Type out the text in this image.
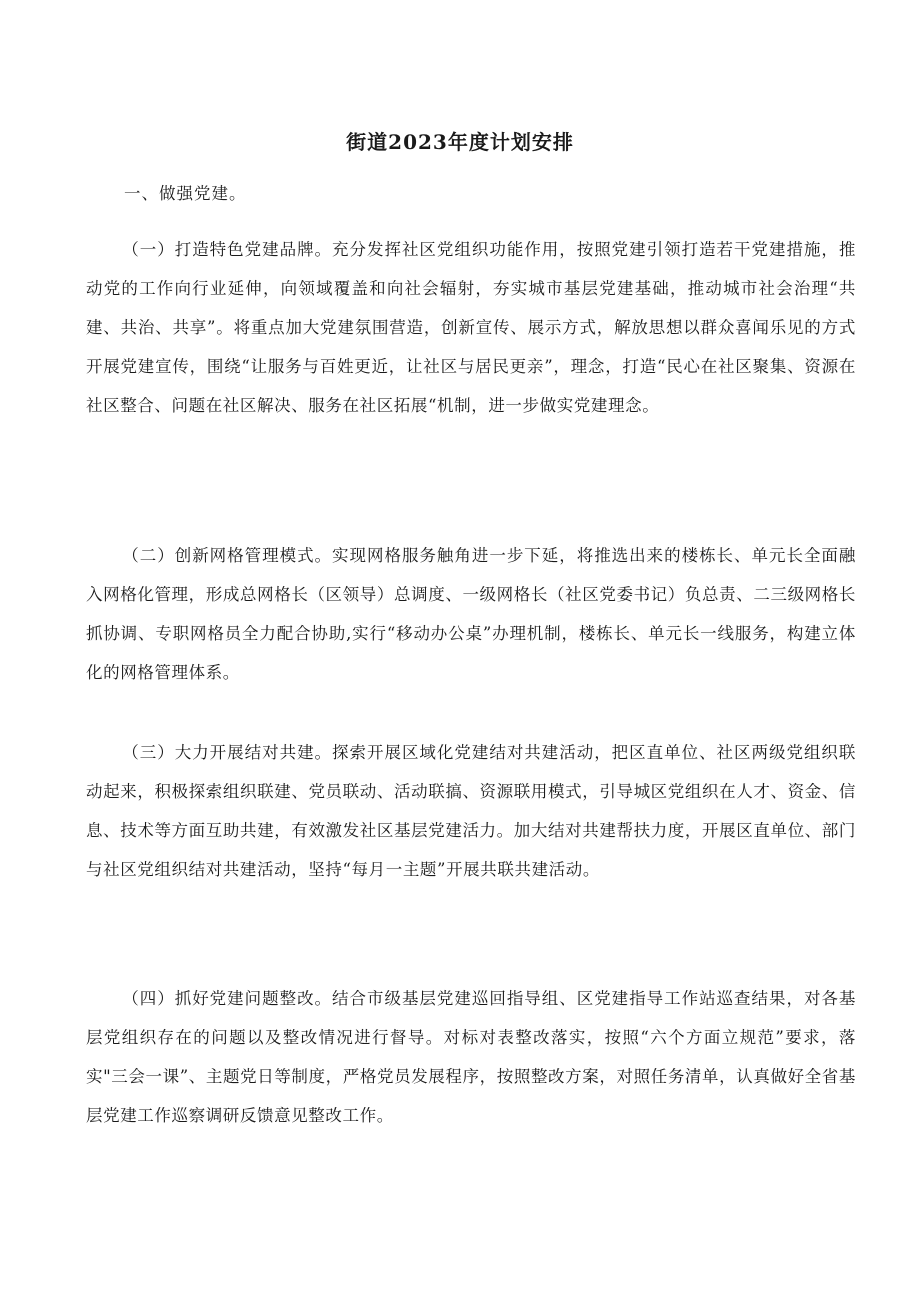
街道2023年度计划安排
一、做强党建。

（一）打造特色党建品牌。充分发挥社区党组织功能作用，按照党建引领打造若干党建措施，推动党的工作向行业延伸，向领域覆盖和向社会辐射，夯实城市基层党建基础，推动城市社会治理“共建、共治、共享”。将重点加大党建氛围营造，创新宣传、展示方式，解放思想以群众喜闻乐见的方式开展党建宣传，围绕“让服务与百姓更近，让社区与居民更亲”，理念，打造“民心在社区聚集、资源在社区整合、问题在社区解决、服务在社区拓展“机制，进一步做实党建理念。

（二）创新网格管理模式。实现网格服务触角进一步下延，将推选出来的楼栋长、单元长全面融入网格化管理，形成总网格长（区领导）总调度、一级网格长（社区党委书记）负总责、二三级网格长抓协调、专职网格员全力配合协助,实行“移动办公桌”办理机制，楼栋长、单元长一线服务，构建立体化的网格管理体系。

（三）大力开展结对共建。探索开展区域化党建结对共建活动，把区直单位、社区两级党组织联动起来，积极探索组织联建、党员联动、活动联搞、资源联用模式，引导城区党组织在人才、资金、信息、技术等方面互助共建，有效激发社区基层党建活力。加大结对共建帮扶力度，开展区直单位、部门与社区党组织结对共建活动，坚持“每月一主题”开展共联共建活动。

（四）抓好党建问题整改。结合市级基层党建巡回指导组、区党建指导工作站巡查结果，对各基层党组织存在的问题以及整改情况进行督导。对标对表整改落实，按照“六个方面立规范”要求，落实"三会一课”、主题党日等制度，严格党员发展程序，按照整改方案，对照任务清单，认真做好全省基层党建工作巡察调研反馈意见整改工作。
